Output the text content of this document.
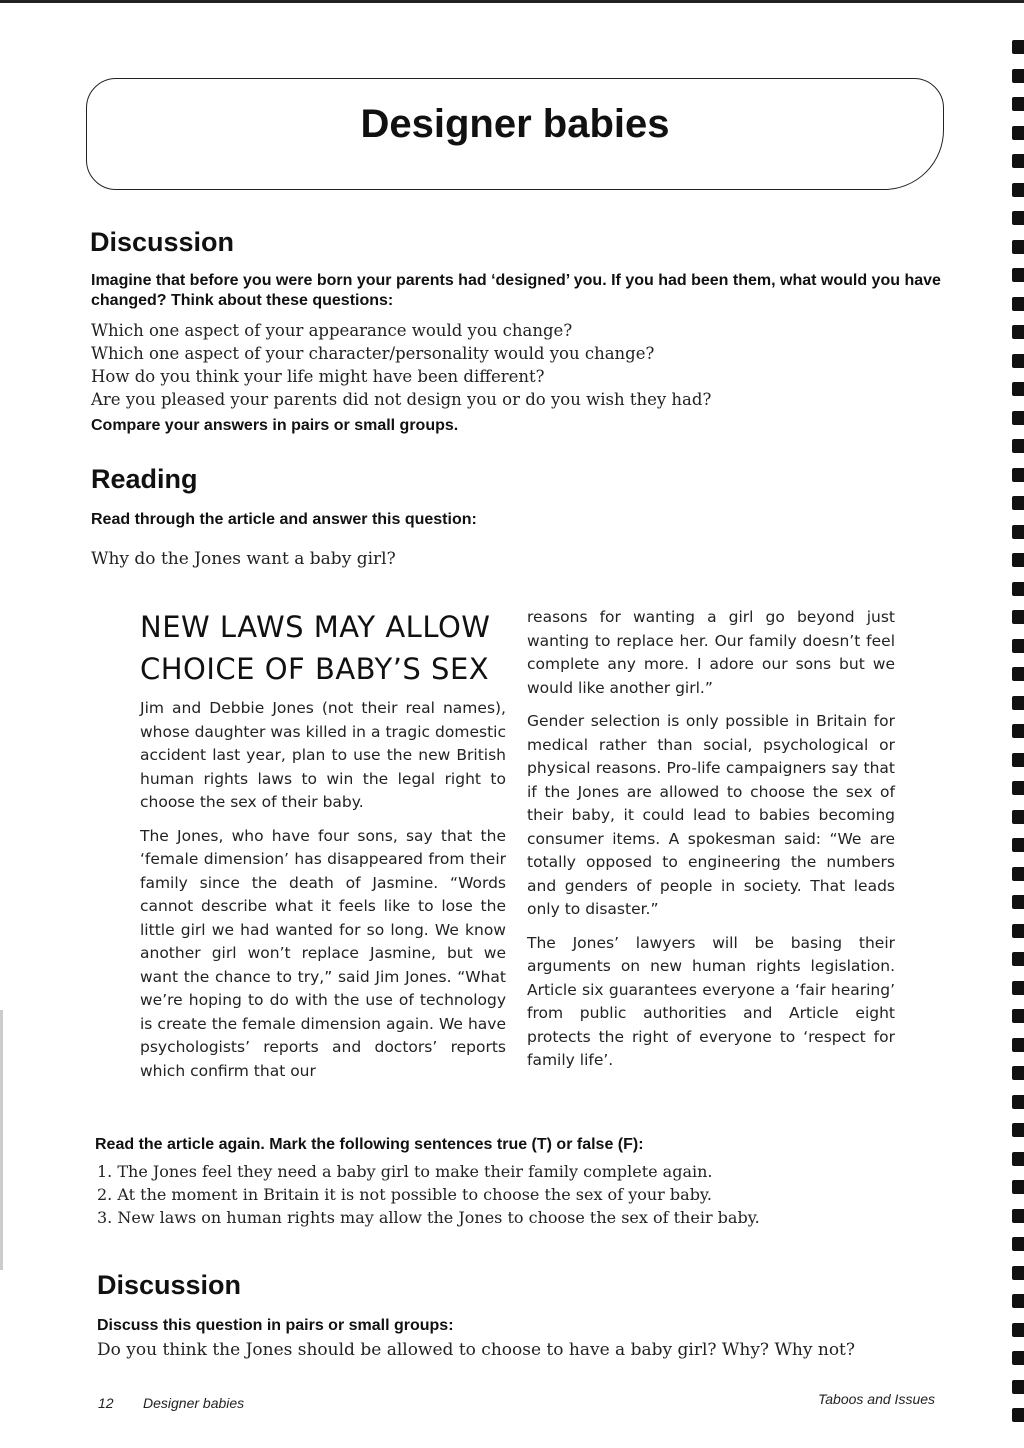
Designer babies
Discussion

Imagine that before you were born your parents had ‘designed’ you. If you had been them, what would you have changed? Think about these questions:

Which one aspect of your appearance would you change?
Which one aspect of your character/personality would you change?
How do you think your life might have been different?
Are you pleased your parents did not design you or do you wish they had?

Compare your answers in pairs or small groups.

Reading

Read through the article and answer this question:

Why do the Jones want a baby girl?

NEW LAWS MAY ALLOW CHOICE OF BABY’S SEX

Jim and Debbie Jones (not their real names), whose daughter was killed in a tragic domestic accident last year, plan to use the new British human rights laws to win the legal right to choose the sex of their baby.

The Jones, who have four sons, say that the ‘female dimension’ has disappeared from their family since the death of Jasmine. “Words cannot describe what it feels like to lose the little girl we had wanted for so long. We know another girl won’t replace Jasmine, but we want the chance to try,” said Jim Jones. “What we’re hoping to do with the use of technology is create the female dimension again. We have psychologists’ reports and doctors’ reports which confirm that our

reasons for wanting a girl go beyond just wanting to replace her. Our family doesn’t feel complete any more. I adore our sons but we would like another girl.”

Gender selection is only possible in Britain for medical rather than social, psychological or physical reasons. Pro-life campaigners say that if the Jones are allowed to choose the sex of their baby, it could lead to babies becoming consumer items. A spokesman said: “We are totally opposed to engineering the numbers and genders of people in society. That leads only to disaster.”

The Jones’ lawyers will be basing their arguments on new human rights legislation. Article six guarantees everyone a ‘fair hearing’ from public authorities and Article eight protects the right of everyone to ‘respect for family life’.

Read the article again. Mark the following sentences true (T) or false (F):

1. The Jones feel they need a baby girl to make their family complete again.
2. At the moment in Britain it is not possible to choose the sex of your baby.
3. New laws on human rights may allow the Jones to choose the sex of their baby.
Discussion

Discuss this question in pairs or small groups:

Do you think the Jones should be allowed to choose to have a baby girl? Why? Why not?

12 Designer babies	Taboos and Issues
